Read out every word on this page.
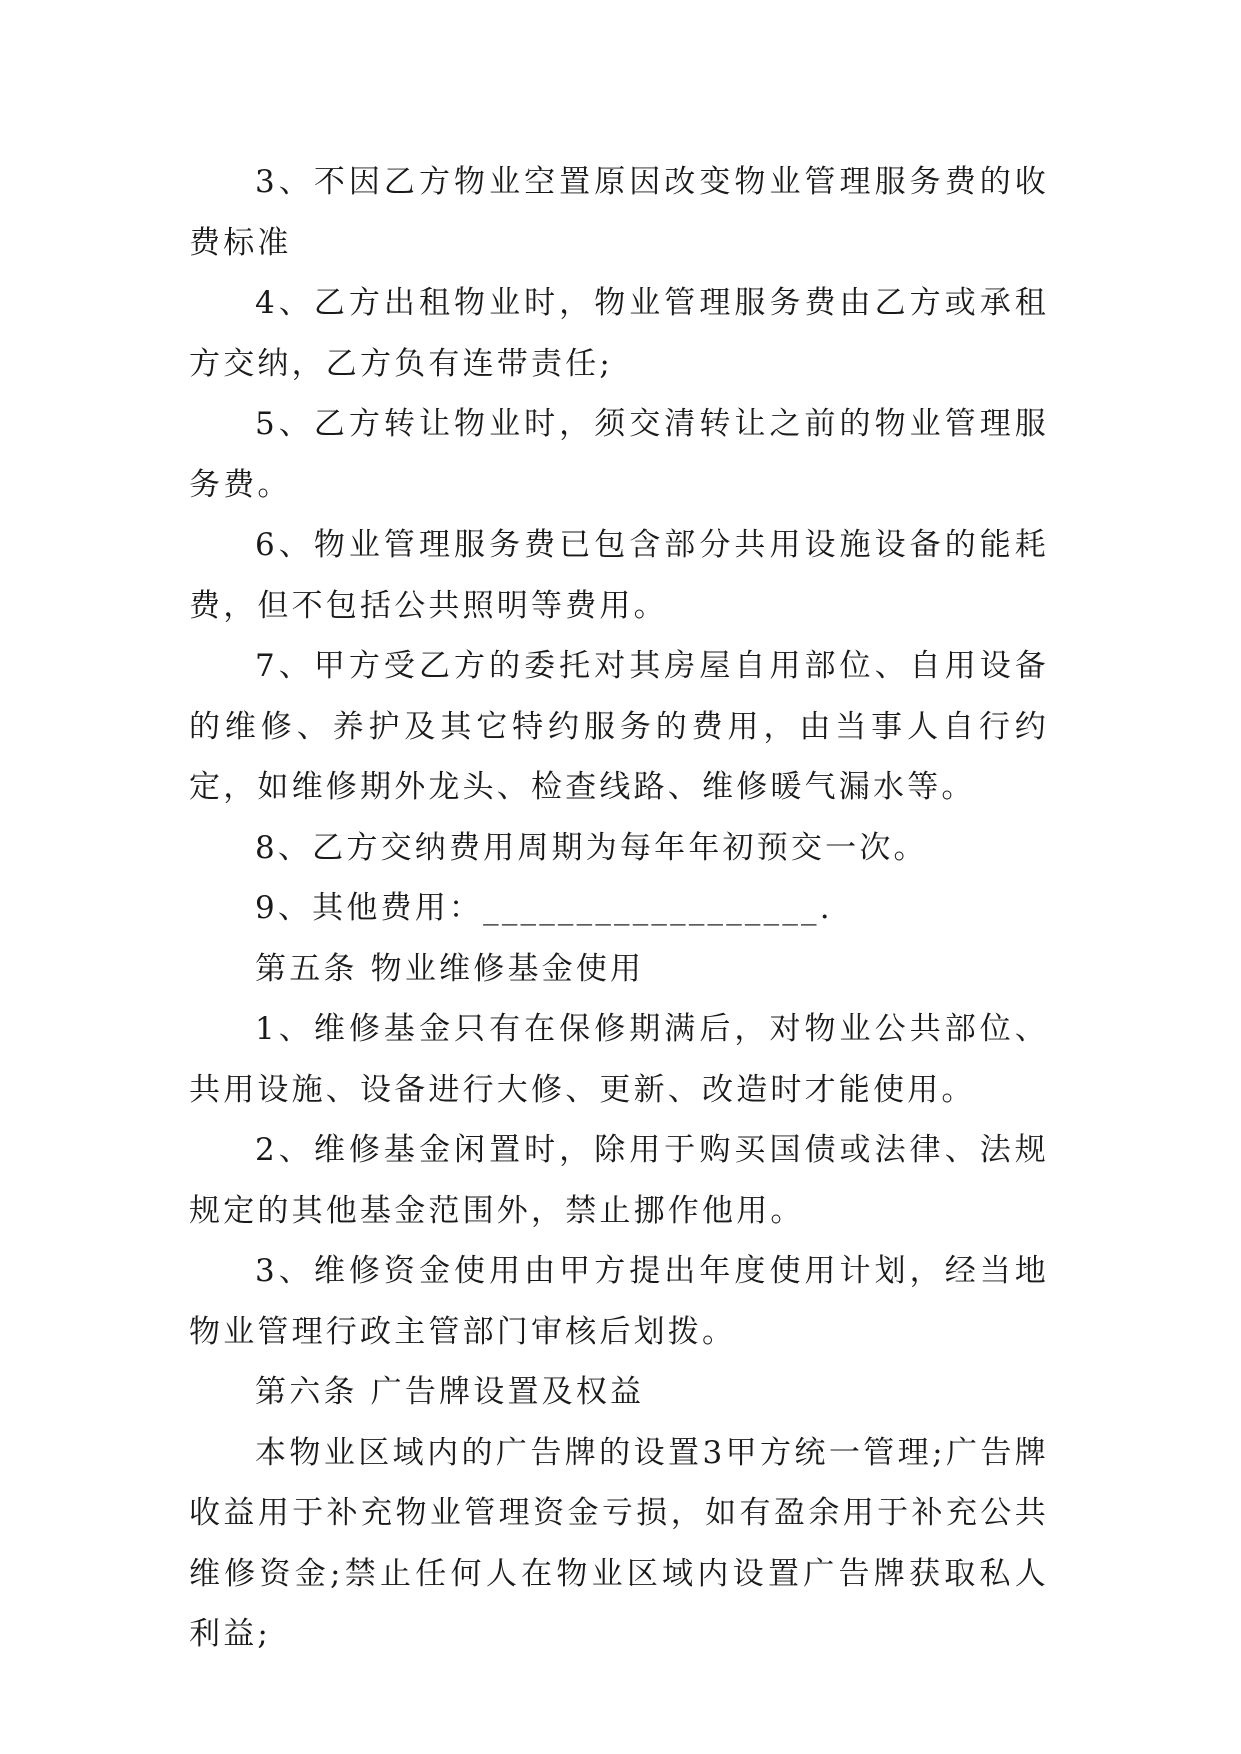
3、不因乙方物业空置原因改变物业管理服务费的收费标准

4、乙方出租物业时，物业管理服务费由乙方或承租方交纳，乙方负有连带责任;

5、乙方转让物业时，须交清转让之前的物业管理服务费。

6、物业管理服务费已包含部分共用设施设备的能耗费，但不包括公共照明等费用。

7、甲方受乙方的委托对其房屋自用部位、自用设备的维修、养护及其它特约服务的费用，由当事人自行约定，如维修期外龙头、检查线路、维修暖气漏水等。

8、乙方交纳费用周期为每年年初预交一次。

9、其他费用：__________________.

第五条 物业维修基金使用

1、维修基金只有在保修期满后，对物业公共部位、共用设施、设备进行大修、更新、改造时才能使用。

2、维修基金闲置时，除用于购买国债或法律、法规规定的其他基金范围外，禁止挪作他用。

3、维修资金使用由甲方提出年度使用计划，经当地物业管理行政主管部门审核后划拨。

第六条 广告牌设置及权益

本物业区域内的广告牌的设置3甲方统一管理;广告牌收益用于补充物业管理资金亏损，如有盈余用于补充公共维修资金;禁止任何人在物业区域内设置广告牌获取私人利益;
